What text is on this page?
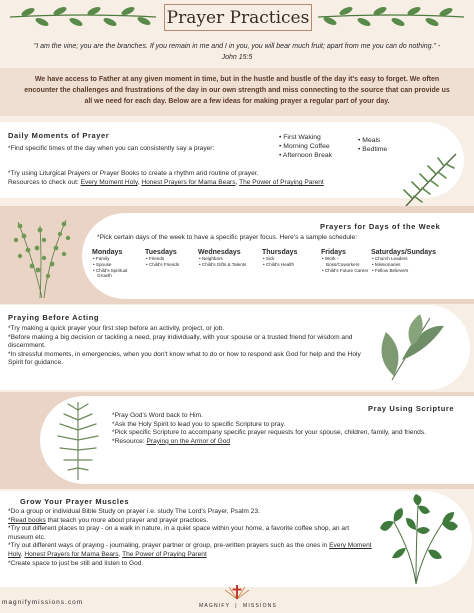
Prayer Practices
"I am the vine; you are the branches. If you remain in me and I in you, you will bear much fruit; apart from me you can do nothing." - John 15:5
We have access to Father at any given moment in time, but in the hustle and bustle of the day it's easy to forget. We often encounter the challenges and frustrations of the day in our own strength and miss connecting to the source that can provide us all we need for each day. Below are a few ideas for making prayer a regular part of your day.
Daily Moments of Prayer
*Find specific times of the day when you can consistently say a prayer:
• First Waking
• Morning Coffee
• Afternoon Break
• Meals
• Bedtime
*Try using Liturgical Prayers or Prayer Books to create a rhythm and routine of prayer.
Resources to check out: Every Moment Holy, Honest Prayers for Mama Bears, The Power of Praying Parent
Prayers for Days of the Week
*Pick certain days of the week to have a specific prayer focus. Here's a sample schedule:
Mondays
• Family
• Spouse
• Child's Spiritual Growth
Tuesdays
• Friends
• Child's Friends
Wednesdays
• Neighbors
• Child's Gifts & Talents
Thursdays
• Sick
• Child's Health
Fridays
• Work - Boss/Coworkers
• Child's Future Career
Saturdays/Sundays
• Church Leaders
• Missionaries
• Fellow Believers
Praying Before Acting

*Try making a quick prayer your first step before an activity, project, or job.

*Before making a big decision or tackling a need, pray individually, with your spouse or a trusted friend for wisdom and discernment.

*In stressful moments, in emergencies, when you don't know what to do or how to respond ask God for help and the Holy Spirit for guidance.

Pray Using Scripture

*Pray God's Word back to Him.

*Ask the Holy Spirit to lead you to specific Scripture to pray.

*Pick specific Scripture to accompany specific prayer requests for your spouse, children, family, and friends.

*Resource: Praying on the Armor of God

Grow Your Prayer Muscles

*Do a group or individual Bible Study on prayer i.e. study The Lord's Prayer, Psalm 23.

*Read books that teach you more about prayer and prayer practices.

*Try out different places to pray - on a walk in nature, in a quiet space within your home, a favorite coffee shop, an art museum etc.

*Try out different ways of praying - journaling, prayer partner or group, pre-written prayers such as the ones in Every Moment Holy, Honest Prayers for Mama Bears, The Power of Praying Parent

*Create space to just be still and listen to God.

magnifymissions.com	MAGNIFY  |  MISSIONS
